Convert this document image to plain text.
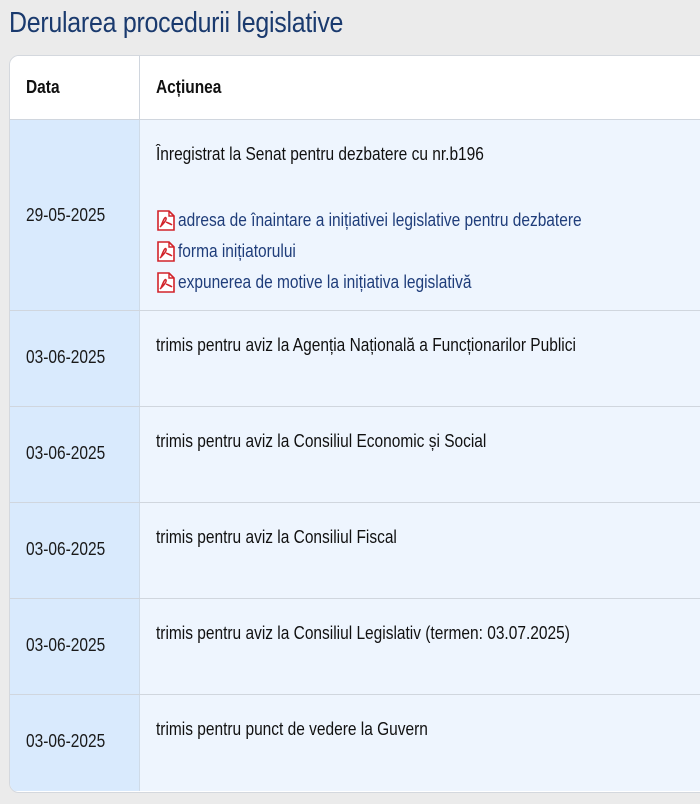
Derularea procedurii legislative
Data	Acțiunea
29-05-2025
Înregistrat la Senat pentru dezbatere cu nr.b196
adresa de înaintare a inițiativei legislative pentru dezbatere
forma inițiatorului
expunerea de motive la inițiativa legislativă
03-06-2025
trimis pentru aviz la Agenția Națională a Funcționarilor Publici
03-06-2025
trimis pentru aviz la Consiliul Economic și Social
03-06-2025
trimis pentru aviz la Consiliul Fiscal
03-06-2025
trimis pentru aviz la Consiliul Legislativ (termen: 03.07.2025)
03-06-2025
trimis pentru punct de vedere la Guvern
